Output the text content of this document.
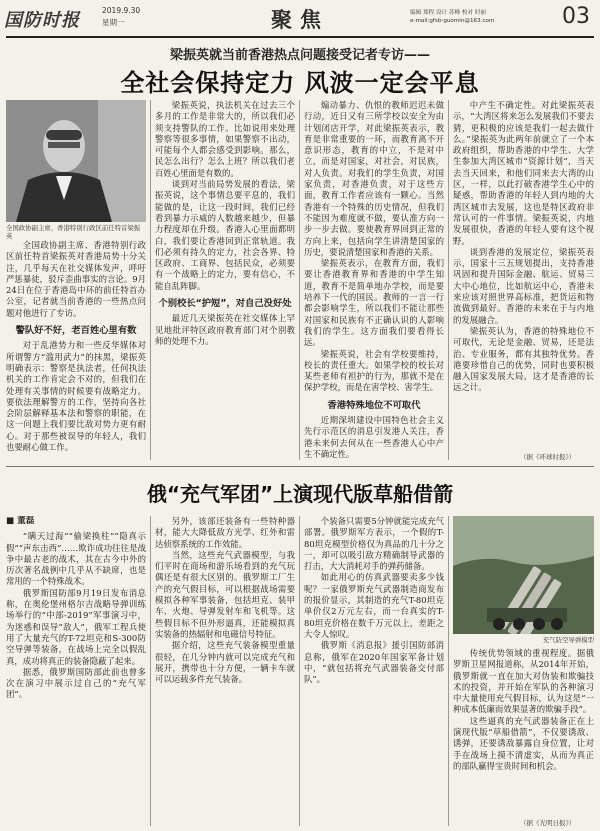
国防时报	2019.9.30
星期一	聚焦	编辑 郑程 设计 苏峰 校对 时丽
e-mail:gfsb-guomin@163.com	03
梁振英就当前香港热点问题接受记者专访——
全社会保持定力 风波一定会平息
全国政协副主席、香港特别行政区前任特首梁振英

全国政协副主席、香港特别行政区前任特首梁振英对香港局势十分关注，几乎每天在社交媒体发声，呼吁严惩暴徒，驳斥歪曲事实的言论。9月24日在位于香港岛中环的前任特首办公室，记者就当前香港的一些热点问题对他进行了专访。

警队好不好，老百姓心里有数

对于乱港势力和一些反华媒体对所谓警方“滥用武力”的抹黑，梁振英明确表示：警察是执法者，任何执法机关的工作肯定会不对的，但我们在处理有关事情的时候要有战略定力。要依法理解警方的工作，坚持向各社会阶层解释基本法和警察的职能，在这一问题上我们要比敌对势力更有耐心。对于那些被误导的年轻人，我们也要耐心做工作。

梁振英说，执法机关在过去三个多月的工作是非常大的，所以我们必须支持警队的工作。比如说用来处理警察等很多事情，如果警察不出动，可能每个人都会感受到影响。那么，民怎么出行？怎么上班？所以我们老百姓心里面是有数的。

谈到对当前局势发展的看法，梁振英说，这个事情总要平息的，我们能做的是，让这一段时间，我们已经看到暴力示威的人数越来越少，但暴力程度却在升级。香港人心里面都明白，我们要让香港回到正常轨道。我们必须有持久的定力，社会各界、特区政府、工商界、包括民众，必须要有一个战略上的定力，要有信心，不能自乱阵脚。

个别校长“护短”，对自己没好处

最近几天梁振英在社交媒体上罕见地批评特区政府教育部门对个别教师的处理不力。

煽动暴力、仇恨的教师迟迟未做行动，近日又有三所学校以安全为由计划闭店开学，对此梁振英表示，教育是非常重要的一环，而教育离不开意识形态，教育的中立，不是对中立，而是对国家，对社会，对民族，对人负责。对我们的学生负责，对国家负责，对香港负责，对于这些方面，教育工作者应该有一颗心。当然香港有一个特殊的历史情况，但我们不能因为难度就不做，要认准方向一步一步去做。要使教育界回到正常的方向上来，包括向学生讲清楚国家的历史，要说清楚国家和香港的关系。

梁振英表示，在教育方面，我们要让香港教育界和香港的中学生知道，教育不是简单地办学校，而是要培养下一代的国民。教师的一言一行都会影响学生，所以我们不能让那些对国家和民族有不正确认识的人影响我们的学生。这方面我们要看得长远。

梁振英说，社会有学校要维持，校长的责任重大。如果学校的校长对某些老师有袒护的行为，那就不是在保护学校，而是在害学校、害学生。

香港特殊地位不可取代

近期深圳建设中国特色社会主义先行示范区的消息引发港人关注，香港未来何去何从在一些香港人心中产生不确定性。

中产生不确定性。对此梁振英表示，“大湾区将来怎么发展我们不要去猜，更积极的应该是我们一起去做什么。”梁振英为此两年前就立了一个本政府组织，帮助香港的中学生、大学生参加大湾区城市“资源计划”，当天去当天回来，和他们同来去大湾的山区，一样，以此打破香港学生心中的疑惑，帮助香港的年轻人到内地的大湾区城市去发展，这也是特区政府非常认可的一件事情。梁振英说，内地发展很快，香港的年轻人要有这个视野。

谈到香港的发展定位，梁振英表示，国家十三五规划提出，支持香港巩固和提升国际金融、航运、贸易三大中心地位，比如航运中心，香港未来应该对照世界高标准，把货运和物流做到最好。香港的未来在于与内地的发展融合。

梁振英认为，香港的特殊地位不可取代，无论是金融、贸易，还是法治、专业服务，都有其独特优势。香港要珍惜自己的优势，同时也要积极融入国家发展大局，这才是香港的长远之计。

（据《环球时报》）
俄“充气军团”上演现代版草船借箭
■ 董磊

“瞒天过海”“偷梁换柱”“隐真示假”“声东击西”……欺诈成功往往是战争中最古老的战术，其在古今中外的历次著名战例中几乎从不缺席，也是常用的一个特殊战术。

俄罗斯国防部9月19日发布消息称，在奥伦堡州格尔吉战略导弹训练场举行的“中部-2019”军事演习中，为迷惑和误导“敌人”，俄军工程兵使用了大量充气的T-72坦克和S-300防空导弹等装备，在战场上完全以假乱真，成功将真正的装备隐蔽了起来。

据悉，俄罗斯国防部此前也曾多次在演习中展示过自己的“充气军团”。

另外，该部还装备有一些特种器材，能大大降低敌方光学、红外和雷达侦察系统的工作效能。

当然，这些充气武器模型，与我们平时在商场和游乐场看到的充气玩偶还是有很大区别的。俄罗斯工厂生产的充气假目标，可以根据战场需要模拟各种军事装备，包括坦克、装甲车、火炮、导弹发射车和飞机等。这些假目标不但外形逼真，还能模拟真实装备的热辐射和电磁信号特征。

据介绍，这些充气装备模型重量很轻，在几分钟内就可以完成充气和展开，携带也十分方便，一辆卡车就可以运载多件充气装备。

个装备只需要5分钟就能完成充气部署。俄罗斯军方表示，一个假的T-80坦克模型价格仅为真品的几十分之一，却可以吸引敌方精确制导武器的打击，大大消耗对手的弹药储备。

如此用心的仿真武器要卖多少钱呢？一家俄罗斯充气武器制造商发布的报价显示，其制造的充气T-80坦克单价仅2万元左右，而一台真实的T-80坦克价格在数千万元以上，差距之大令人惊叹。

俄罗斯《消息报》援引国防部消息称，俄军在2020年国家军备计划中，“就包括将充气武器装备交付部队”。

充气防空导弹模型

传统优势领域的重视程度。据俄罗斯卫星网报道称，从2014年开始，俄罗斯就一直在加大对伪装和欺骗技术的投资，并开始在军队的各种演习中大量使用充气假目标，认为这是“一种成本低廉而效果显著的欺骗手段”。

这些逼真的充气武器装备正在上演现代版“草船借箭”，不仅要诱敌、诱弹，还要诱敌暴露自身位置，让对手在战场上摸不清虚实，从而为真正的部队赢得宝贵时间和机会。

（据《光明日报》）
